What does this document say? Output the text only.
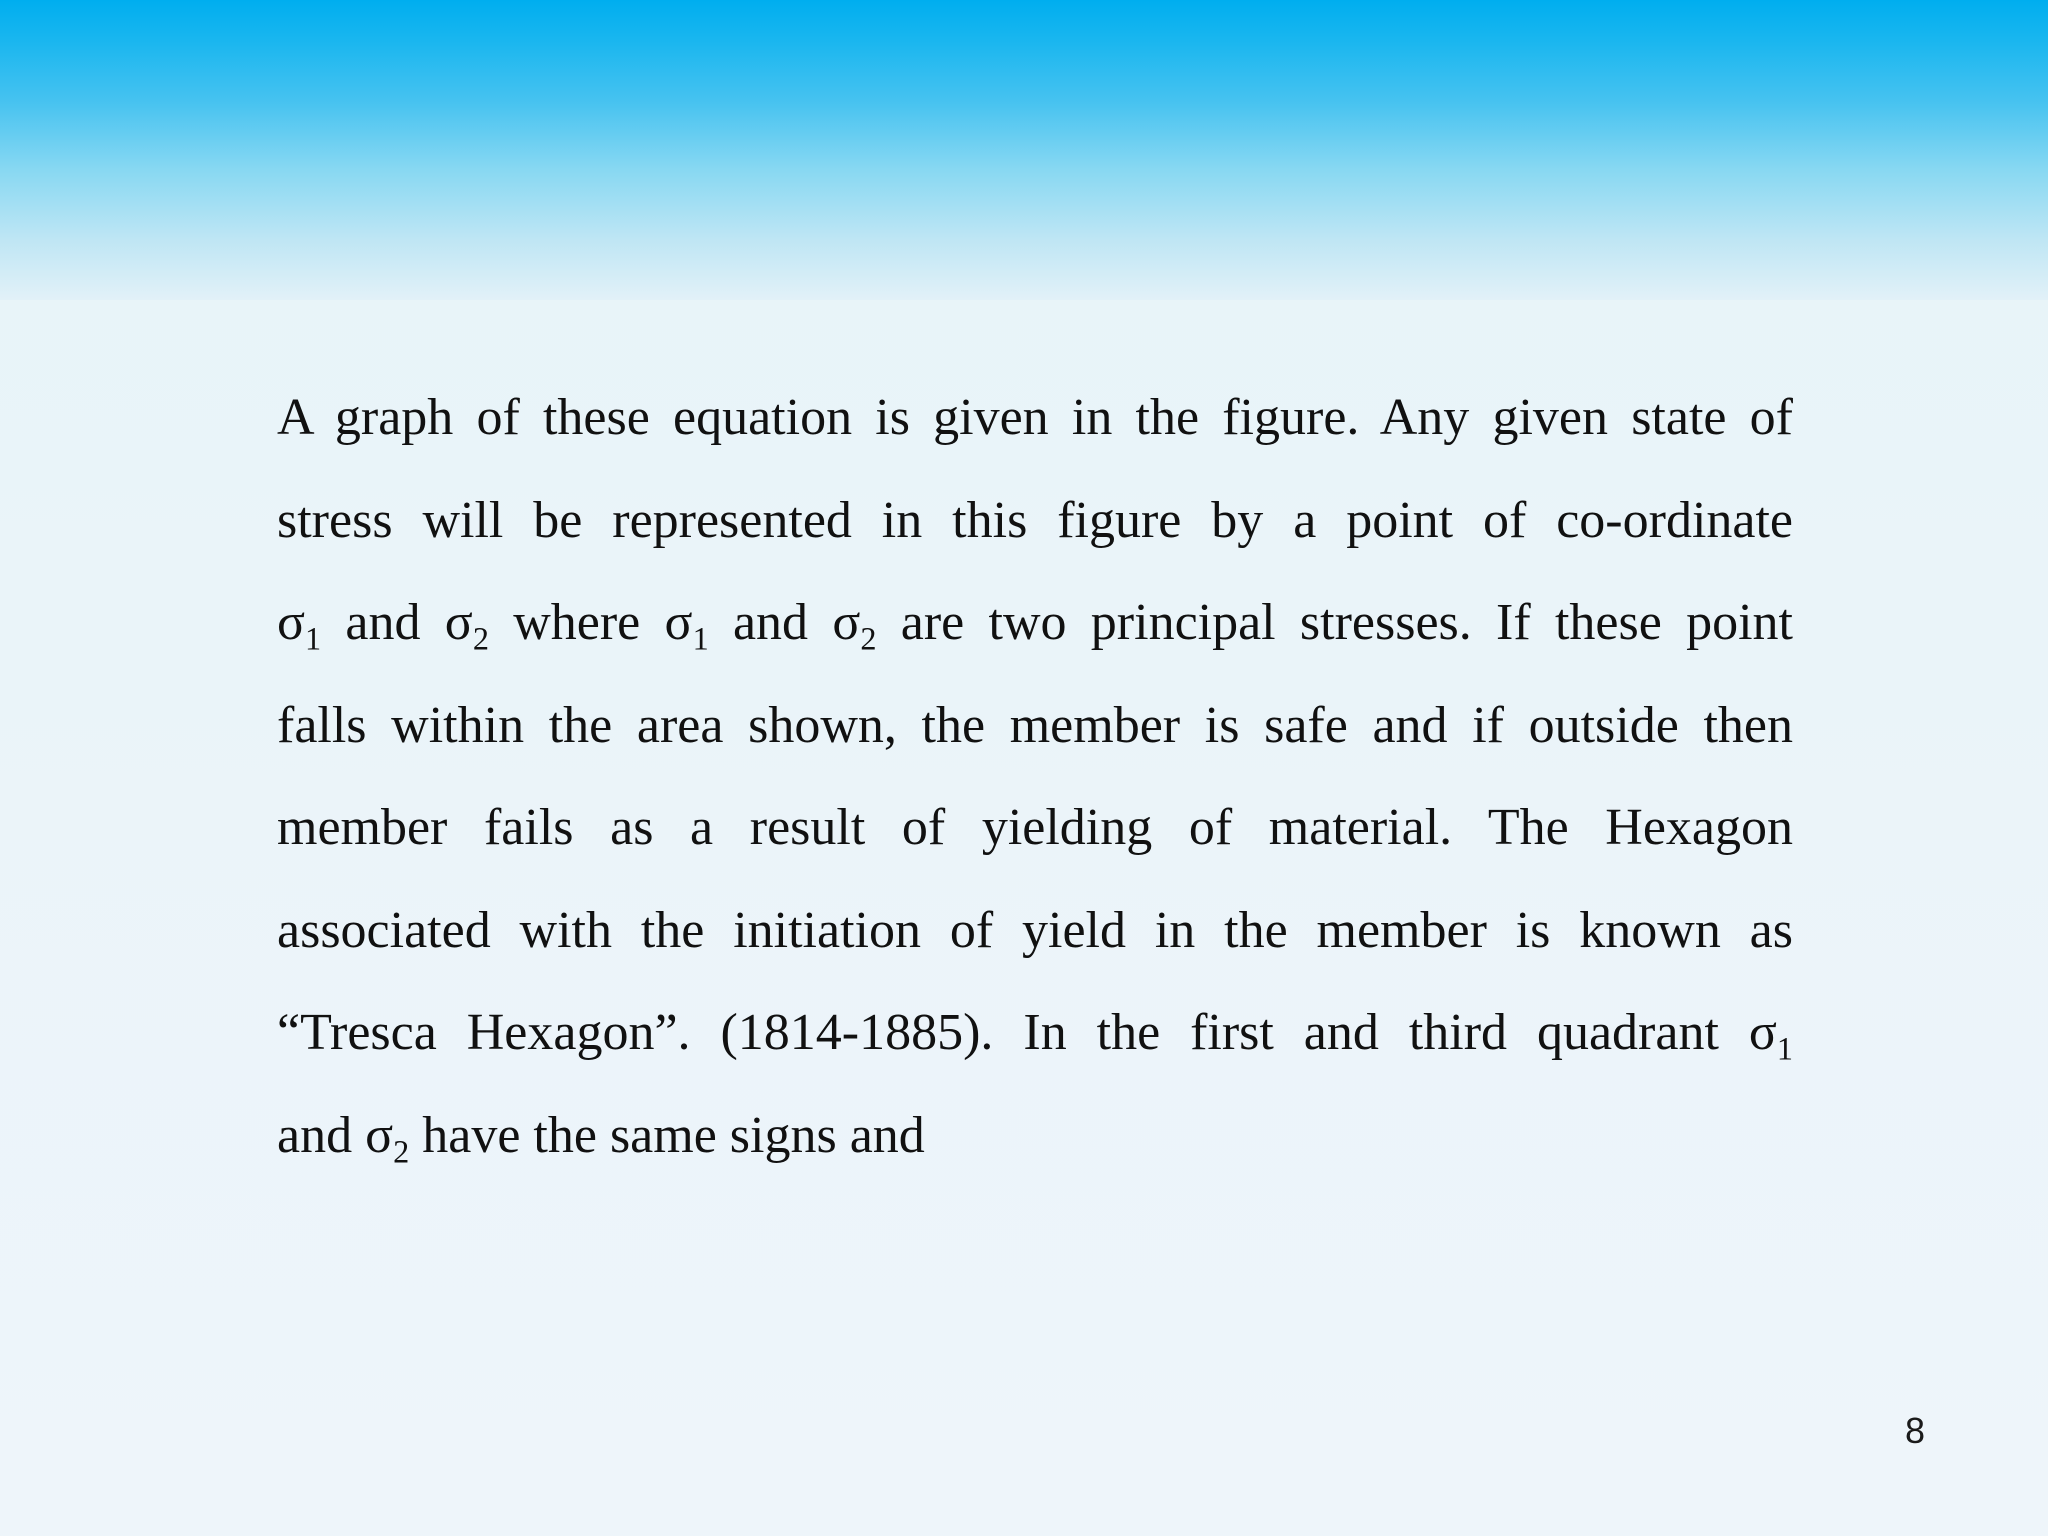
A graph of these equation is given in the figure. Any given state of
stress will be represented in this figure by a point of co-ordinate
$\sigma_1$ and $\sigma_2$ where $\sigma_1$ and $\sigma_2$ are two principal stresses. If these point
falls within the area shown, the member is safe and if outside then
member fails as a result of yielding of material. The Hexagon
associated with the initiation of yield in the member is known as
“Tresca Hexagon”. (1814-1885). In the first and third quadrant $\sigma_1$
and $\sigma_2$ have the same signs and
8
